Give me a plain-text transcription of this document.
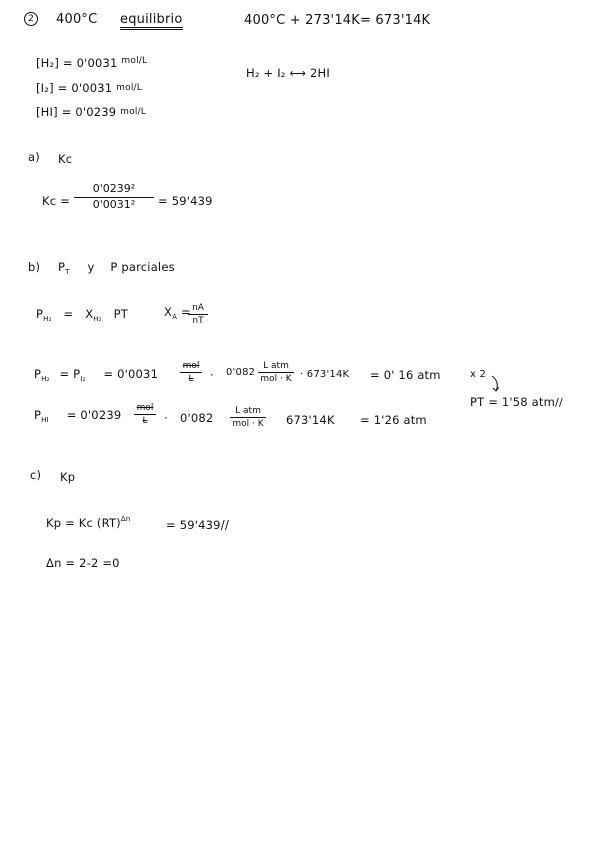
2	400°C equilibrio	400°C + 273'14K= 673'14K
[H₂] = 0'0031 $^{mol/L}$
[I₂] = 0'0031 mol/L
[HI] = 0'0239 mol/L
H₂ + I₂ ⟷ 2HI
a) Kc
Kc =
0'0239²
0'0031² = 59'439
b) $P_T$ y P parciales
$P_{H_2} = X_{H_2}$ PT	$X_A$ = nA
nT
$P_{H_2} = P_{I_2} = 0'0031$
mol
L · 0'082
L atm
mol · K · 673'14K = 0' 16 atm	x 2
PT = 1'58 atm//
$P_{HI} = 0'0239$ mol
L · 0'082 L atm
mol · K 673'14K = 1'26 atm
c) Kp
Kp = Kc (RT)$^{\Delta n}$	= 59'439//
Δn = 2-2 =0
